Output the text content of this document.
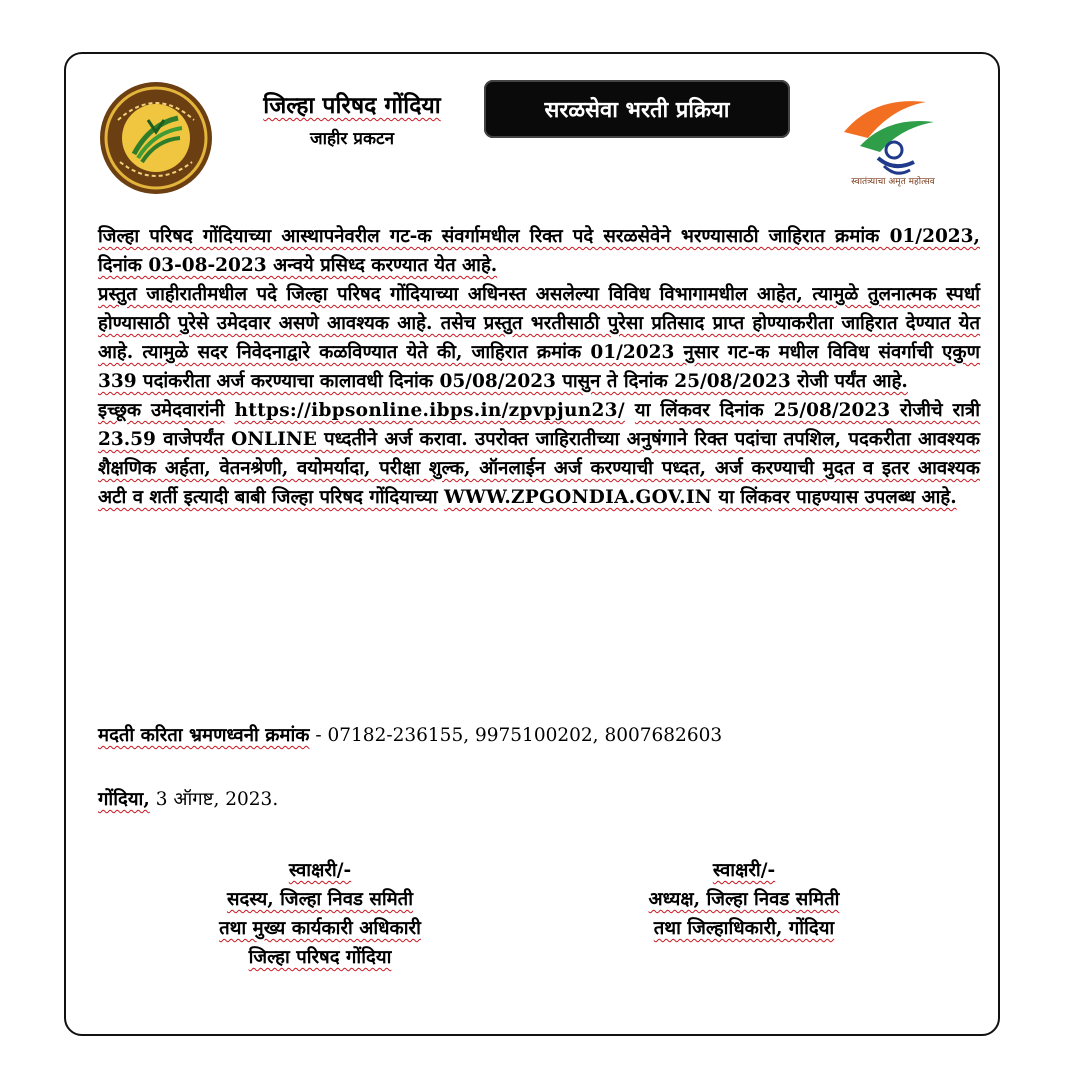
जिल्हा परिषद गोंदिया
जाहीर प्रकटन
सरळसेवा भरती प्रक्रिया
स्वातंत्र्याचा अमृत महोत्सव

जिल्हा परिषद गोंदियाच्या आस्थापनेवरील गट-क संवर्गामधील रिक्त पदे सरळसेवेने भरण्यासाठी जाहिरात क्रमांक 01/2023, दिनांक 03-08-2023 अन्वये प्रसिध्द करण्यात येत आहे.

प्रस्तुत जाहीरातीमधील पदे जिल्हा परिषद गोंदियाच्या अधिनस्त असलेल्या विविध विभागामधील आहेत, त्यामुळे तुलनात्मक स्पर्धा होण्यासाठी पुरेसे उमेदवार असणे आवश्यक आहे. तसेच प्रस्तुत भरतीसाठी पुरेसा प्रतिसाद प्राप्त होण्याकरीता जाहिरात देण्यात येत आहे. त्यामुळे सदर निवेदनाद्वारे कळविण्यात येते की, जाहिरात क्रमांक 01/2023 नुसार गट-क मधील विविध संवर्गाची एकुण 339 पदांकरीता अर्ज करण्याचा कालावधी दिनांक 05/08/2023 पासुन ते दिनांक 25/08/2023 रोजी पर्यंत आहे.

इच्छूक उमेदवारांनी https://ibpsonline.ibps.in/zpvpjun23/ या लिंकवर दिनांक 25/08/2023 रोजीचे रात्री 23.59 वाजेपर्यंत ONLINE पध्दतीने अर्ज करावा. उपरोक्त जाहिरातीच्या अनुषंगाने रिक्त पदांचा तपशिल, पदकरीता आवश्यक शैक्षणिक अर्हता, वेतनश्रेणी, वयोमर्यादा, परीक्षा शुल्क, ऑनलाईन अर्ज करण्याची पध्दत, अर्ज करण्याची मुदत व इतर आवश्यक अटी व शर्ती इत्यादी बाबी जिल्हा परिषद गोंदियाच्या WWW.ZPGONDIA.GOV.IN या लिंकवर पाहण्यास उपलब्ध आहे.

मदती करिता भ्रमणध्वनी क्रमांक - 07182-236155, 9975100202, 8007682603
गोंदिया, 3 ऑगष्ट, 2023.
स्वाक्षरी/-
सदस्य, जिल्हा निवड समिती
तथा मुख्य कार्यकारी अधिकारी
जिल्हा परिषद गोंदिया
स्वाक्षरी/-
अध्यक्ष, जिल्हा निवड समिती
तथा जिल्हाधिकारी, गोंदिया
